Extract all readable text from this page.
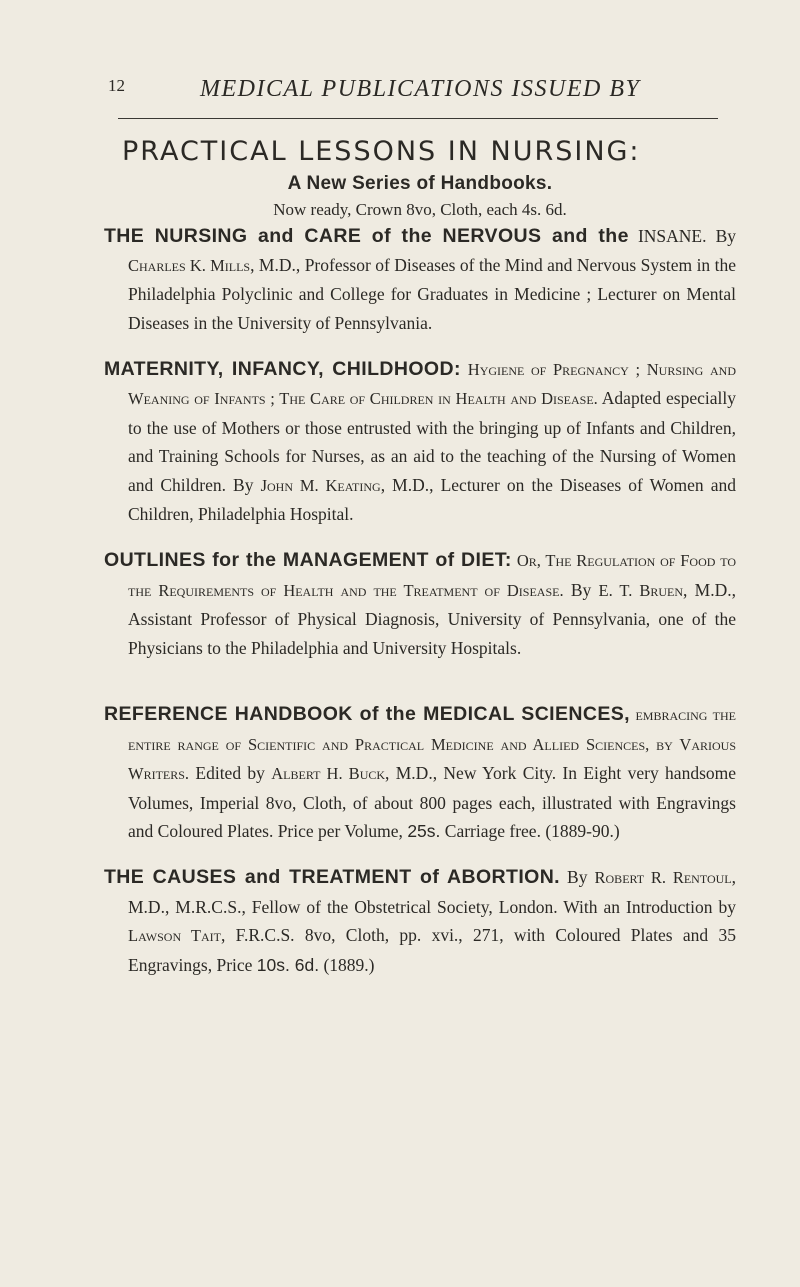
12	MEDICAL PUBLICATIONS ISSUED BY
PRACTICAL LESSONS IN NURSING:
A New Series of Handbooks.
Now ready, Crown 8vo, Cloth, each 4s. 6d.

THE NURSING and CARE of the NERVOUS and the INSANE. By Charles K. Mills, M.D., Professor of Diseases of the Mind and Nervous System in the Philadelphia Polyclinic and College for Graduates in Medicine ; Lecturer on Mental Diseases in the University of Pennsylvania.

MATERNITY, INFANCY, CHILDHOOD: Hygiene of Pregnancy ; Nursing and Weaning of Infants ; The Care of Children in Health and Disease. Adapted especially to the use of Mothers or those entrusted with the bringing up of Infants and Children, and Training Schools for Nurses, as an aid to the teaching of the Nursing of Women and Children. By John M. Keating, M.D., Lecturer on the Diseases of Women and Children, Philadelphia Hospital.

OUTLINES for the MANAGEMENT of DIET: Or, The Regulation of Food to the Requirements of Health and the Treatment of Disease. By E. T. Bruen, M.D., Assistant Professor of Physical Diagnosis, University of Pennsylvania, one of the Physicians to the Philadelphia and University Hospitals.

REFERENCE HANDBOOK of the MEDICAL SCIENCES, embracing the entire range of Scientific and Practical Medicine and Allied Sciences, by Various Writers. Edited by Albert H. Buck, M.D., New York City. In Eight very handsome Volumes, Imperial 8vo, Cloth, of about 800 pages each, illustrated with Engravings and Coloured Plates. Price per Volume, 25s. Carriage free. (1889-90.)

THE CAUSES and TREATMENT of ABORTION. By Robert R. Rentoul, M.D., M.R.C.S., Fellow of the Obstetrical Society, London. With an Introduction by Lawson Tait, F.R.C.S. 8vo, Cloth, pp. xvi., 271, with Coloured Plates and 35 Engravings, Price 10s. 6d. (1889.)
